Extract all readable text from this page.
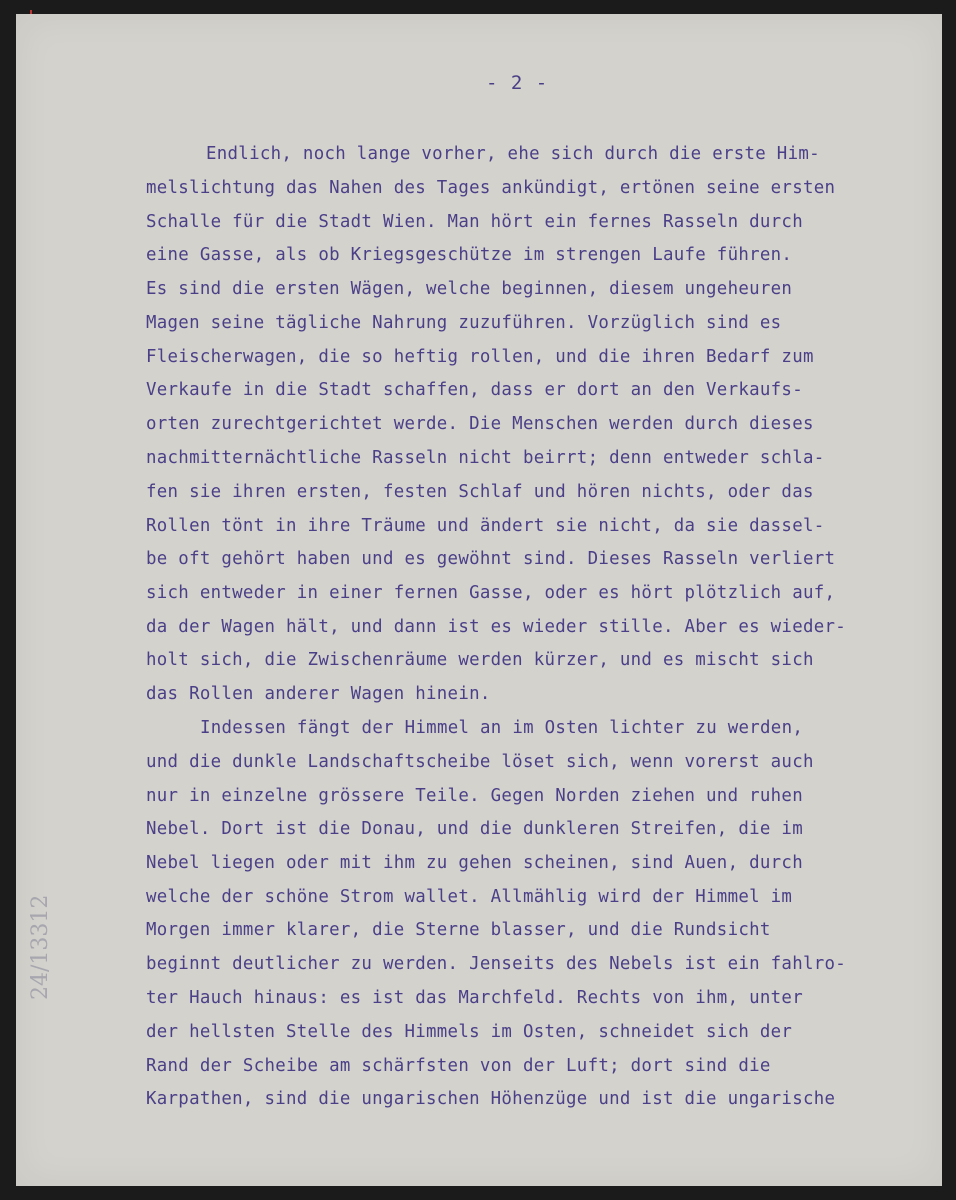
- 2 -
Endlich, noch lange vorher, ehe sich durch die erste Him-
melslichtung das Nahen des Tages ankündigt, ertönen seine ersten
Schalle für die Stadt Wien. Man hört ein fernes Rasseln durch
eine Gasse, als ob Kriegsgeschütze im strengen Laufe führen.
Es sind die ersten Wägen, welche beginnen, diesem ungeheuren
Magen seine tägliche Nahrung zuzuführen. Vorzüglich sind es
Fleischerwagen, die so heftig rollen, und die ihren Bedarf zum
Verkaufe in die Stadt schaffen, dass er dort an den Verkaufs-
orten zurechtgerichtet werde. Die Menschen werden durch dieses
nachmitternächtliche Rasseln nicht beirrt; denn entweder schla-
fen sie ihren ersten, festen Schlaf und hören nichts, oder das
Rollen tönt in ihre Träume und ändert sie nicht, da sie dassel-
be oft gehört haben und es gewöhnt sind. Dieses Rasseln verliert
sich entweder in einer fernen Gasse, oder es hört plötzlich auf,
da der Wagen hält, und dann ist es wieder stille. Aber es wieder-
holt sich, die Zwischenräume werden kürzer, und es mischt sich
das Rollen anderer Wagen hinein.
Indessen fängt der Himmel an im Osten lichter zu werden,
und die dunkle Landschaftscheibe löset sich, wenn vorerst auch
nur in einzelne grössere Teile. Gegen Norden ziehen und ruhen
Nebel. Dort ist die Donau, und die dunkleren Streifen, die im
Nebel liegen oder mit ihm zu gehen scheinen, sind Auen, durch
welche der schöne Strom wallet. Allmählig wird der Himmel im
Morgen immer klarer, die Sterne blasser, und die Rundsicht
beginnt deutlicher zu werden. Jenseits des Nebels ist ein fahlro-
ter Hauch hinaus: es ist das Marchfeld. Rechts von ihm, unter
der hellsten Stelle des Himmels im Osten, schneidet sich der
Rand der Scheibe am schärfsten von der Luft; dort sind die
Karpathen, sind die ungarischen Höhenzüge und ist die ungarische
24/13312
